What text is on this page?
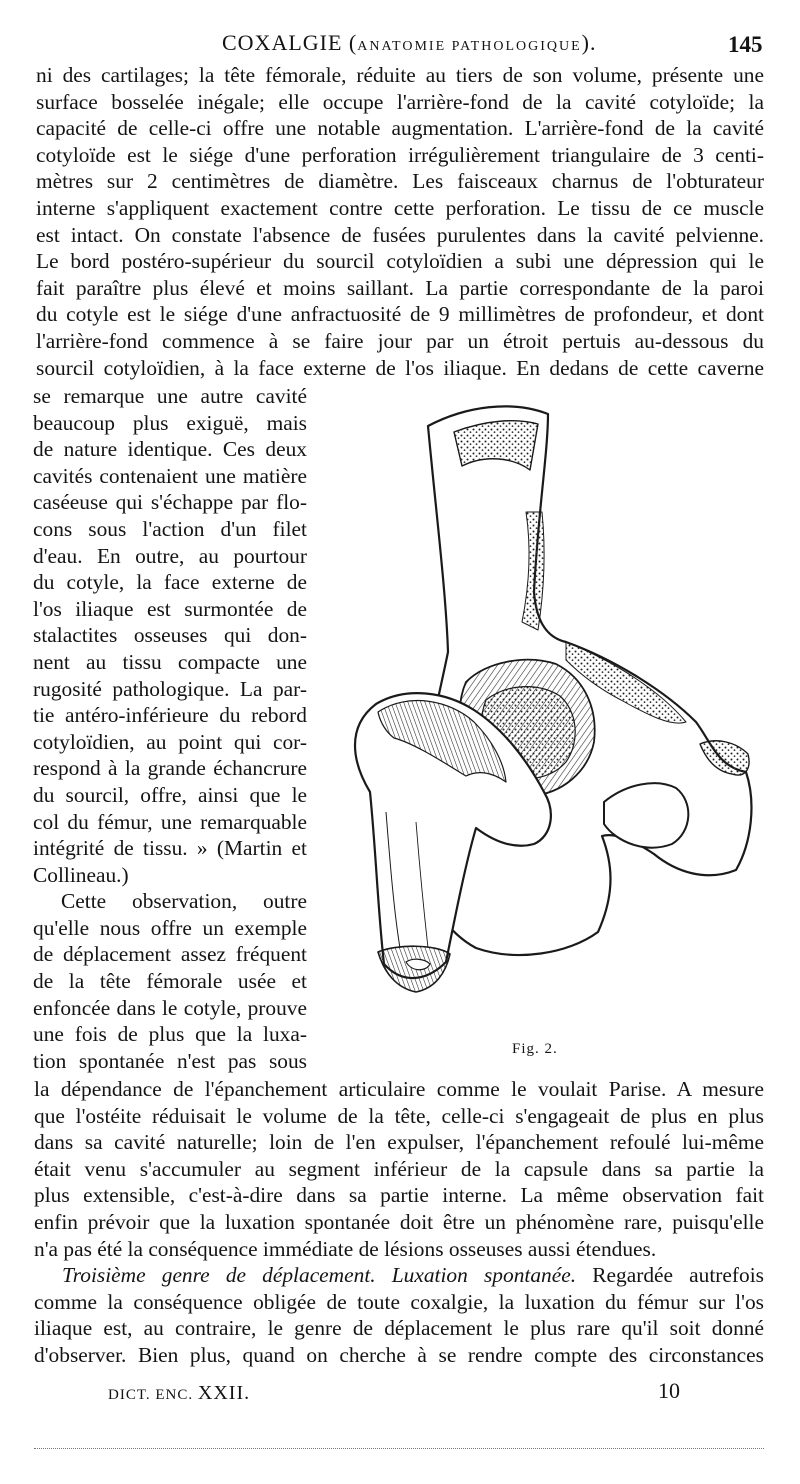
COXALGIE (ANATOMIE PATHOLOGIQUE).	145
ni des cartilages; la tête fémorale, réduite au tiers de son volume, présente une
surface bosselée inégale; elle occupe l'arrière-fond de la cavité cotyloïde; la
capacité de celle-ci offre une notable augmentation. L'arrière-fond de la cavité
cotyloïde est le siége d'une perforation irrégulièrement triangulaire de 3 centi-
mètres sur 2 centimètres de diamètre. Les faisceaux charnus de l'obturateur
interne s'appliquent exactement contre cette perforation. Le tissu de ce muscle
est intact. On constate l'absence de fusées purulentes dans la cavité pelvienne.
Le bord postéro-supérieur du sourcil cotyloïdien a subi une dépression qui le
fait paraître plus élevé et moins saillant. La partie correspondante de la paroi
du cotyle est le siége d'une anfractuosité de 9 millimètres de profondeur, et dont
l'arrière-fond commence à se faire jour par un étroit pertuis au-dessous du
sourcil cotyloïdien, à la face externe de l'os iliaque. En dedans de cette caverne
se remarque une autre cavité
beaucoup plus exiguë, mais
de nature identique. Ces deux
cavités contenaient une matière
caséeuse qui s'échappe par flo-
cons sous l'action d'un filet
d'eau. En outre, au pourtour
du cotyle, la face externe de
l'os iliaque est surmontée de
stalactites osseuses qui don-
nent au tissu compacte une
rugosité pathologique. La par-
tie antéro-inférieure du rebord
cotyloïdien, au point qui cor-
respond à la grande échancrure
du sourcil, offre, ainsi que le
col du fémur, une remarquable
intégrité de tissu. » (Martin et
Collineau.)
Cette observation, outre
qu'elle nous offre un exemple
de déplacement assez fréquent
de la tête fémorale usée et
enfoncée dans le cotyle, prouve
une fois de plus que la luxa-
tion spontanée n'est pas sous	Fig. 2.
la dépendance de l'épanchement articulaire comme le voulait Parise. A mesure
que l'ostéite réduisait le volume de la tête, celle-ci s'engageait de plus en plus
dans sa cavité naturelle; loin de l'en expulser, l'épanchement refoulé lui-même
était venu s'accumuler au segment inférieur de la capsule dans sa partie la
plus extensible, c'est-à-dire dans sa partie interne. La même observation fait
enfin prévoir que la luxation spontanée doit être un phénomène rare, puisqu'elle
n'a pas été la conséquence immédiate de lésions osseuses aussi étendues.
Troisième genre de déplacement. Luxation spontanée. Regardée autrefois
comme la conséquence obligée de toute coxalgie, la luxation du fémur sur l'os
iliaque est, au contraire, le genre de déplacement le plus rare qu'il soit donné
d'observer. Bien plus, quand on cherche à se rendre compte des circonstances
DICT. ENC. XXII.	10
